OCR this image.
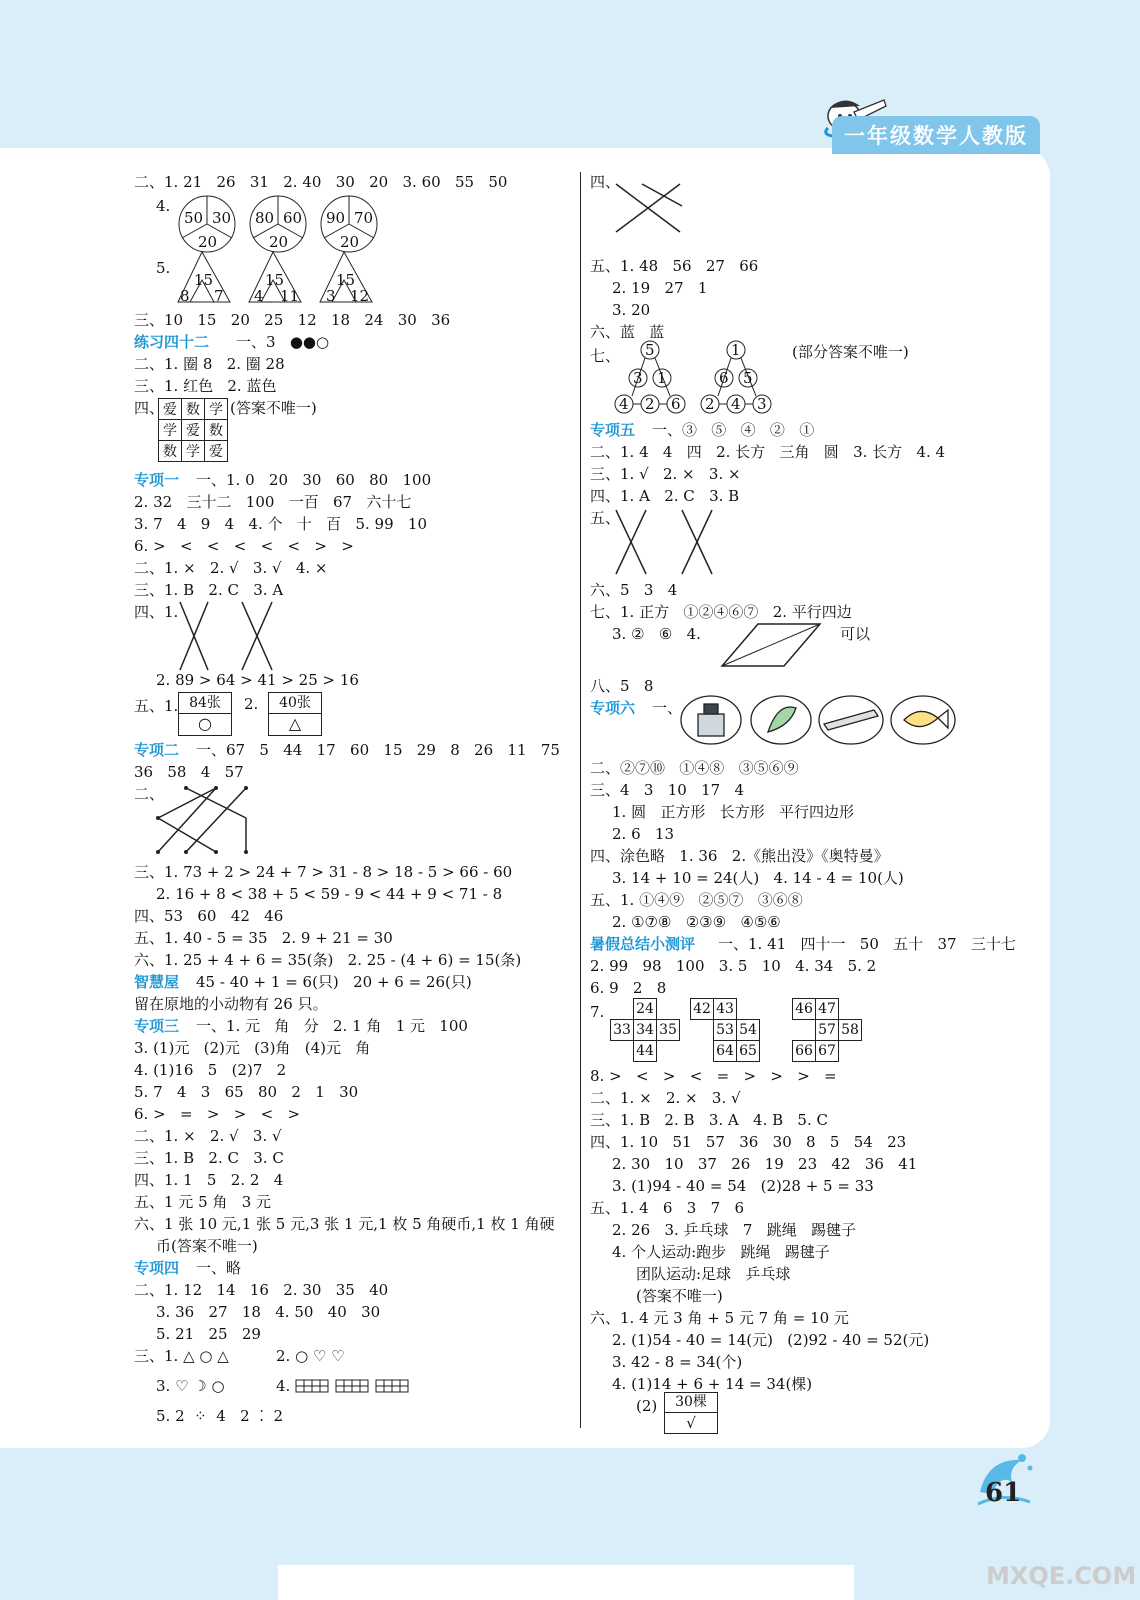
一年级数学人教版
二、1. 21   26   31   2. 40   30   20   3. 60   55   50
4.
50 30
20
80 60
20
90 70
20
5.
15
8 7
15
4 11
15
3 12
三、10   15   20   25   12   18   24   30   36
练习四十二 一、3   ●●○
二、1. 圈 8   2. 圈 28
三、1. 红色   2. 蓝色
四、
爱	数	学
学	爱	数
数	学	爱
(答案不唯一)
专项一 一、1. 0   20   30   60   80   100
2. 32   三十二   100   一百   67   六十七
3. 7   4   9   4   4. 个   十   百   5. 99   10
6. >   <   <   <   <   <   >   >
二、1. ×   2. √   3. √   4. ×
三、1. B   2. C   3. A
四、1.
2. 89 > 64 > 41 > 25 > 16
五、1. 84张
○
2.	40张
△
专项二 一、67   5   44   17   60   15   29   8   26   11   75
36   58   4   57
二、
三、1. 73 + 2 > 24 + 7 > 31 - 8 > 18 - 5 > 66 - 60
2. 16 + 8 < 38 + 5 < 59 - 9 < 44 + 9 < 71 - 8
四、53   60   42   46
五、1. 40 - 5 = 35   2. 9 + 21 = 30
六、1. 25 + 4 + 6 = 35(条)   2. 25 - (4 + 6) = 15(条)
智慧屋 45 - 40 + 1 = 6(只)   20 + 6 = 26(只)
留在原地的小动物有 26 只。
专项三 一、1. 元   角   分   2. 1 角   1 元   100
3. (1)元   (2)元   (3)角   (4)元   角
4. (1)16   5   (2)7   2
5. 7   4   3   65   80   2   1   30
6. >   =   >   >   <   >
二、1. ×   2. √   3. √
三、1. B   2. C   3. C
四、1. 1   5   2. 2   4
五、1 元 5 角   3 元
六、1 张 10 元,1 张 5 元,3 张 1 元,1 枚 5 角硬币,1 枚 1 角硬
币(答案不唯一)
专项四 一、略
二、1. 12   14   16   2. 30   35   40
3. 36   27   18   4. 50   40   30
5. 21   25   29
三、1. △ ○ △	2. ○ ♡ ♡
3. ♡ ☽ ○	4.
5. 2  ⁘  4   2  ⁚  2
四、
五、1. 48   56   27   66
2. 19   27   1
3. 20
六、蓝   蓝
七、	(部分答案不唯一)
5
3 1
4 2 6
1
6 5
2 4 3
专项五 一、③   ⑤   ④   ②   ①
二、1. 4   4   四   2. 长方   三角   圆   3. 长方   4. 4
三、1. √   2. ×   3. ×
四、1. A   2. C   3. B
五、
六、5   3   4
七、1. 正方   ①②④⑥⑦   2. 平行四边
3. ②   ⑥   4.	可以
八、5   8
专项六 一、
二、②⑦⑩   ①④⑧   ③⑤⑥⑨
三、4   3   10   17   4
1. 圆   正方形   长方形   平行四边形
2. 6   13
四、涂色略   1. 36   2.《熊出没》《奥特曼》
3. 14 + 10 = 24(人)   4. 14 - 4 = 10(人)
五、1. ①④⑨   ②⑤⑦   ③⑥⑧
2. ①⑦⑧   ②③⑨   ④⑤⑥
暑假总结小测评 一、1. 41   四十一   50   五十   37   三十七
2. 99   98   100   3. 5   10   4. 34   5. 2
6. 9   2   8
7.
	24	
33	34	35
	44	
42	43	
	53	54
	64	65
46	47	
	57	58
66	67	
8. >   <   >   <   =   >   >   >   =
二、1. ×   2. ×   3. √
三、1. B   2. B   3. A   4. B   5. C
四、1. 10   51   57   36   30   8   5   54   23
2. 30   10   37   26   19   23   42   36   41
3. (1)94 - 40 = 54   (2)28 + 5 = 33
五、1. 4   6   3   7   6
2. 26   3. 乒乓球   7   跳绳   踢毽子
4. 个人运动:跑步   跳绳   踢毽子
团队运动:足球   乒乓球
(答案不唯一)
六、1. 4 元 3 角 + 5 元 7 角 = 10 元
2. (1)54 - 40 = 14(元)   (2)92 - 40 = 52(元)
3. 42 - 8 = 34(个)
4. (1)14 + 6 + 14 = 34(棵)
(2)	30棵
√
61
MXQE.COM
